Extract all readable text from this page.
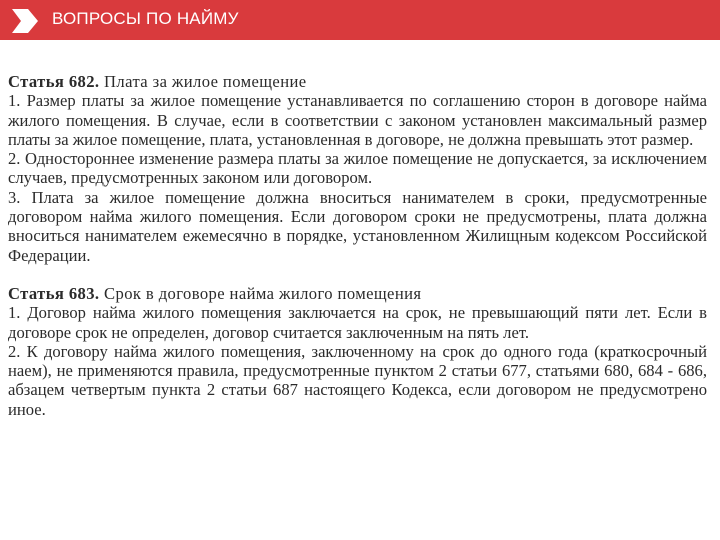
ВОПРОСЫ ПО НАЙМУ

Статья 682. Плата за жилое помещение

1. Размер платы за жилое помещение устанавливается по соглашению сторон в договоре найма жилого помещения. В случае, если в соответствии с законом установлен максимальный размер платы за жилое помещение, плата, установленная в договоре, не должна превышать этот размер.

2. Одностороннее изменение размера платы за жилое помещение не допускается, за исключением случаев, предусмотренных законом или договором.

3. Плата за жилое помещение должна вноситься нанимателем в сроки, предусмотренные договором найма жилого помещения. Если договором сроки не предусмотрены, плата должна вноситься нанимателем ежемесячно в порядке, установленном Жилищным кодексом Российской Федерации.

Статья 683. Срок в договоре найма жилого помещения

1. Договор найма жилого помещения заключается на срок, не превышающий пяти лет. Если в договоре срок не определен, договор считается заключенным на пять лет.

2. К договору найма жилого помещения, заключенному на срок до одного года (краткосрочный наем), не применяются правила, предусмотренные пунктом 2 статьи 677, статьями 680, 684 - 686, абзацем четвертым пункта 2 статьи 687 настоящего Кодекса, если договором не предусмотрено иное.
